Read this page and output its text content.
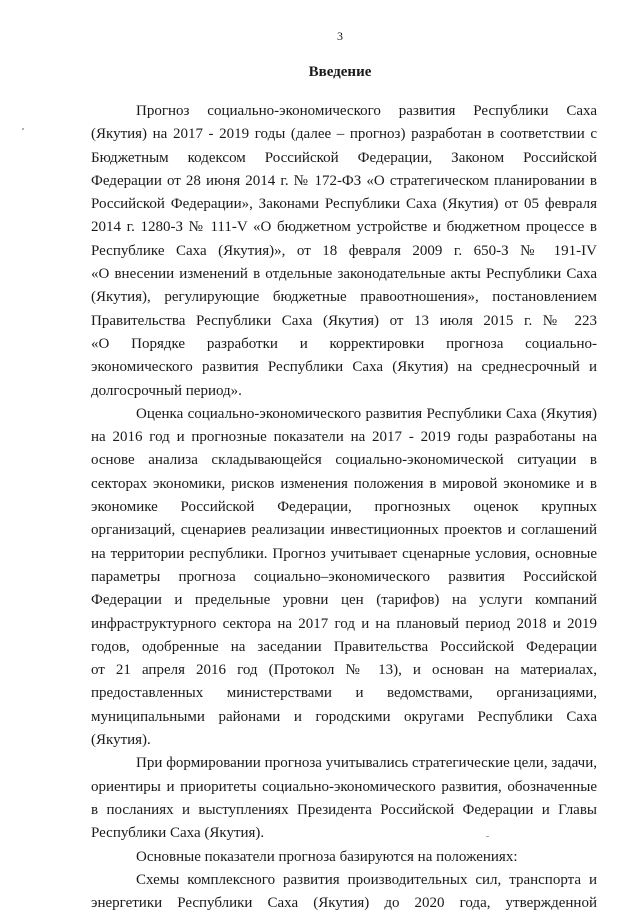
3
Введение
Прогноз социально-экономического развития Республики Саха
(Якутия) на 2017 - 2019 годы (далее – прогноз) разработан в соответствии с
Бюджетным кодексом Российской Федерации, Законом Российской
Федерации от 28 июня 2014 г. № 172-ФЗ «О стратегическом планировании в
Российской Федерации», Законами Республики Саха (Якутия) от 05 февраля
2014 г. 1280-З № 111-V «О бюджетном устройстве и бюджетном процессе в
Республике Саха (Якутия)», от 18 февраля 2009 г. 650-З № 191-IV
«О внесении изменений в отдельные законодательные акты Республики Саха
(Якутия), регулирующие бюджетные правоотношения», постановлением
Правительства Республики Саха (Якутия) от 13 июля 2015 г. № 223
«О Порядке разработки и корректировки прогноза социально-
экономического развития Республики Саха (Якутия) на среднесрочный и
долгосрочный период».
Оценка социально-экономического развития Республики Саха (Якутия)
на 2016 год и прогнозные показатели на 2017 - 2019 годы разработаны на
основе анализа складывающейся социально-экономической ситуации в
секторах экономики, рисков изменения положения в мировой экономике и в
экономике Российской Федерации, прогнозных оценок крупных
организаций, сценариев реализации инвестиционных проектов и соглашений
на территории республики. Прогноз учитывает сценарные условия, основные
параметры прогноза социально–экономического развития Российской
Федерации и предельные уровни цен (тарифов) на услуги компаний
инфраструктурного сектора на 2017 год и на плановый период 2018 и 2019
годов, одобренные на заседании Правительства Российской Федерации
от 21 апреля 2016 год (Протокол № 13), и основан на материалах,
предоставленных министерствами и ведомствами, организациями,
муниципальными районами и городскими округами Республики Саха
(Якутия).
При формировании прогноза учитывались стратегические цели, задачи,
ориентиры и приоритеты социально-экономического развития, обозначенные
в посланиях и выступлениях Президента Российской Федерации и Главы
Республики Саха (Якутия).
Основные показатели прогноза базируются на положениях:
Схемы комплексного развития производительных сил, транспорта и
энергетики Республики Саха (Якутия) до 2020 года, утвержденной
